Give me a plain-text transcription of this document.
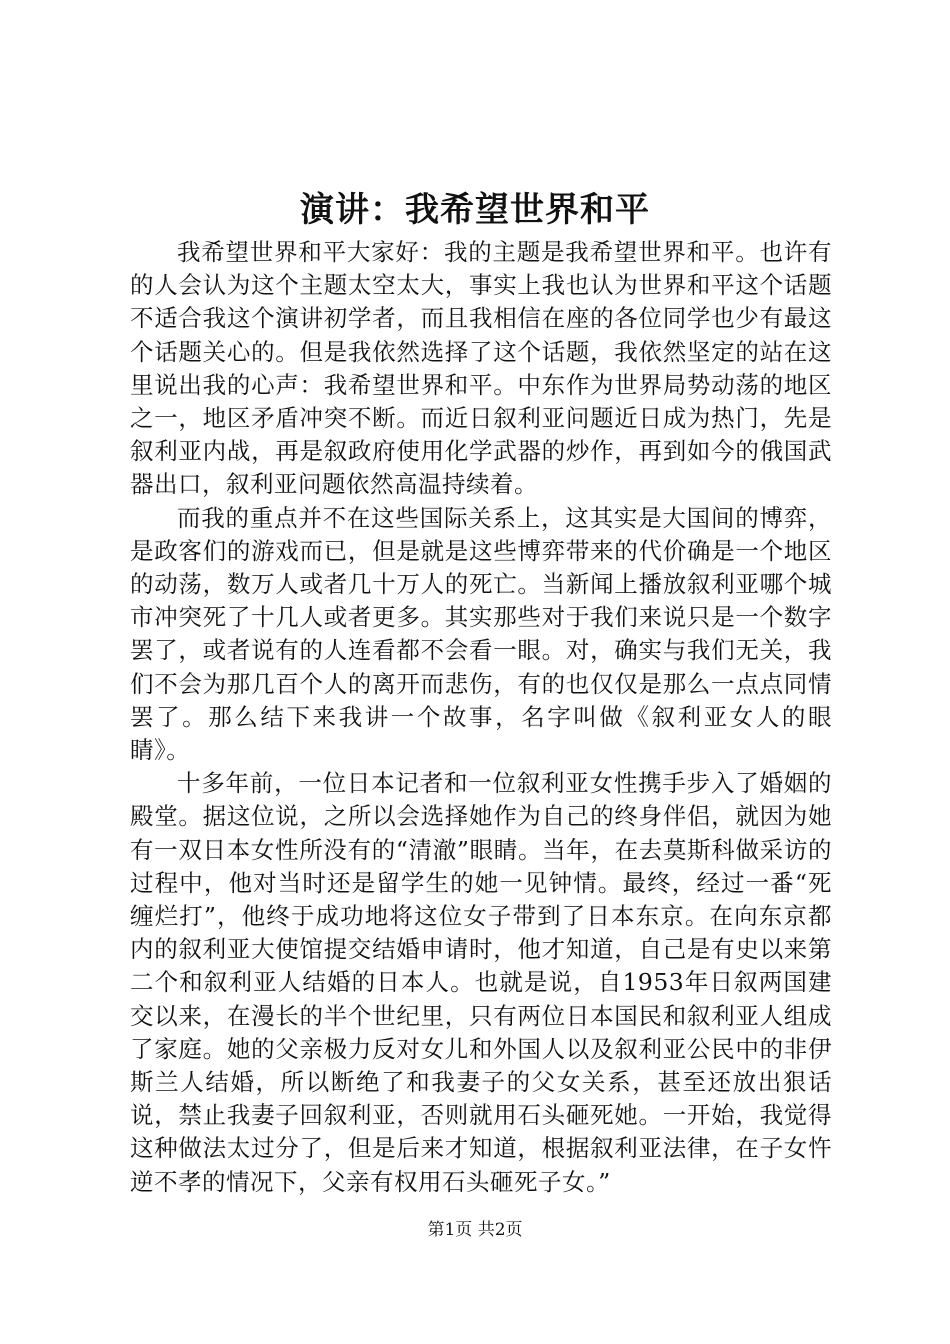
演讲：我希望世界和平

我希望世界和平大家好：我的主题是我希望世界和平。也许有的人会认为这个主题太空太大，事实上我也认为世界和平这个话题不适合我这个演讲初学者，而且我相信在座的各位同学也少有最这个话题关心的。但是我依然选择了这个话题，我依然坚定的站在这里说出我的心声：我希望世界和平。中东作为世界局势动荡的地区之一，地区矛盾冲突不断。而近日叙利亚问题近日成为热门，先是叙利亚内战，再是叙政府使用化学武器的炒作，再到如今的俄国武器出口，叙利亚问题依然高温持续着。

而我的重点并不在这些国际关系上，这其实是大国间的博弈，是政客们的游戏而已，但是就是这些博弈带来的代价确是一个地区的动荡，数万人或者几十万人的死亡。当新闻上播放叙利亚哪个城市冲突死了十几人或者更多。其实那些对于我们来说只是一个数字罢了，或者说有的人连看都不会看一眼。对，确实与我们无关，我们不会为那几百个人的离开而悲伤，有的也仅仅是那么一点点同情罢了。那么结下来我讲一个故事，名字叫做《叙利亚女人的眼睛》。

十多年前，一位日本记者和一位叙利亚女性携手步入了婚姻的殿堂。据这位说，之所以会选择她作为自己的终身伴侣，就因为她有一双日本女性所没有的“清澈”眼睛。当年，在去莫斯科做采访的过程中，他对当时还是留学生的她一见钟情。最终，经过一番“死缠烂打”，他终于成功地将这位女子带到了日本东京。在向东京都内的叙利亚大使馆提交结婚申请时，他才知道，自己是有史以来第二个和叙利亚人结婚的日本人。也就是说，自1953年日叙两国建交以来，在漫长的半个世纪里，只有两位日本国民和叙利亚人组成了家庭。她的父亲极力反对女儿和外国人以及叙利亚公民中的非伊斯兰人结婚，所以断绝了和我妻子的父女关系，甚至还放出狠话说，禁止我妻子回叙利亚，否则就用石头砸死她。一开始，我觉得这种做法太过分了，但是后来才知道，根据叙利亚法律，在子女忤逆不孝的情况下，父亲有权用石头砸死子女。”

第1页 共2页
